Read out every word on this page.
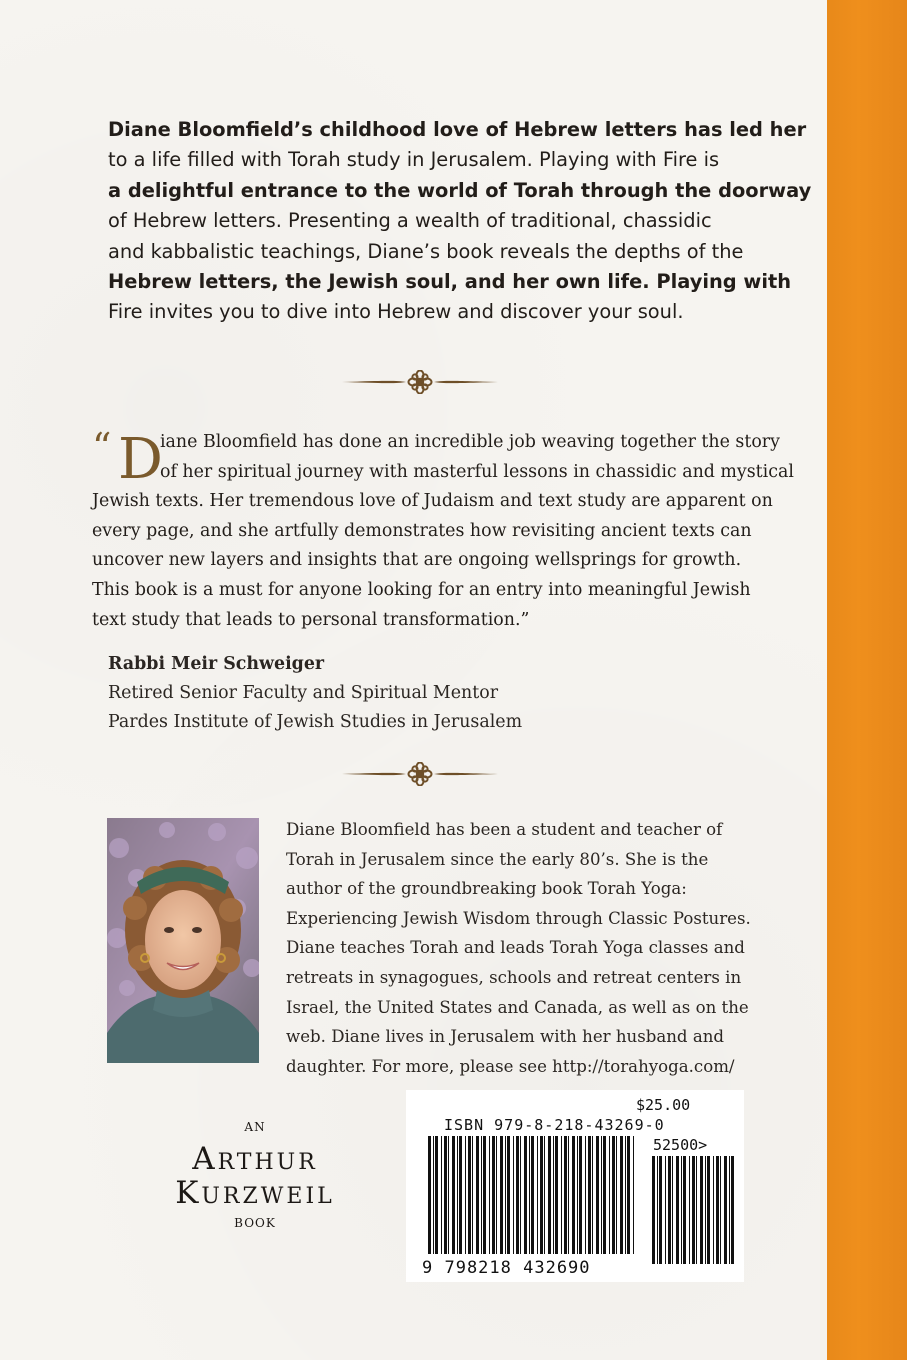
Diane Bloomfield’s childhood love of Hebrew letters has led her
to a life filled with Torah study in Jerusalem. Playing with Fire is
a delightful entrance to the world of Torah through the doorway
of Hebrew letters. Presenting a wealth of traditional, chassidic
and kabbalistic teachings, Diane’s book reveals the depths of the
Hebrew letters, the Jewish soul, and her own life. Playing with
Fire invites you to dive into Hebrew and discover your soul.
“ D
iane Bloomfield has done an incredible job weaving together the story
of her spiritual journey with masterful lessons in chassidic and mystical
Jewish texts. Her tremendous love of Judaism and text study are apparent on
every page, and she artfully demonstrates how revisiting ancient texts can
uncover new layers and insights that are ongoing wellsprings for growth.
This book is a must for anyone looking for an entry into meaningful Jewish
text study that leads to personal transformation.”
Rabbi Meir Schweiger
Retired Senior Faculty and Spiritual Mentor
Pardes Institute of Jewish Studies in Jerusalem
Diane Bloomfield has been a student and teacher of
Torah in Jerusalem since the early 80’s. She is the
author of the groundbreaking book Torah Yoga:
Experiencing Jewish Wisdom through Classic Postures.
Diane teaches Torah and leads Torah Yoga classes and
retreats in synagogues, schools and retreat centers in
Israel, the United States and Canada, as well as on the
web. Diane lives in Jerusalem with her husband and
daughter. For more, please see http://torahyoga.com/
AN
Arthur
Kurzweil
BOOK
$25.00
ISBN 979-8-218-43269-0
52500>
9 798218 432690
